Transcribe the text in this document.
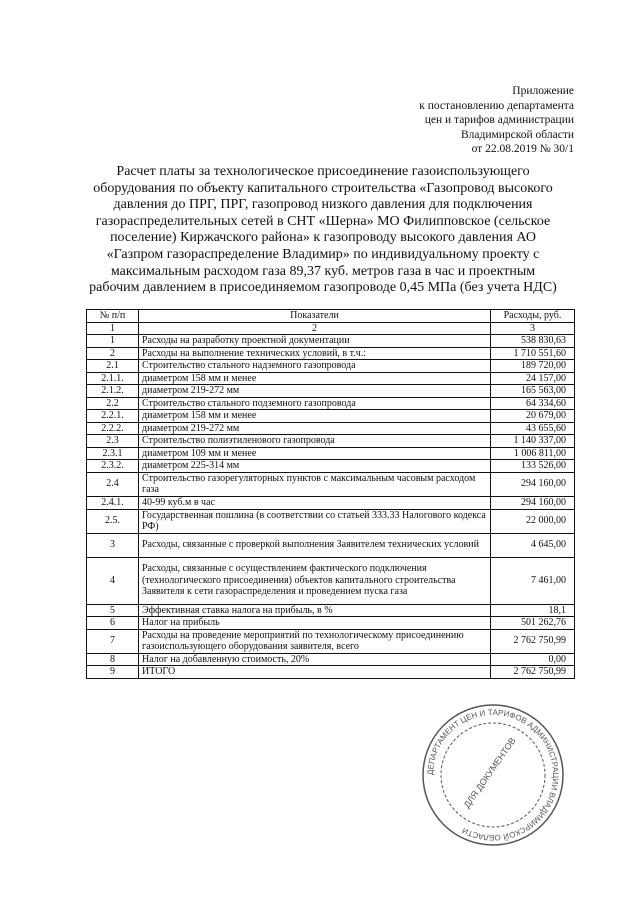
Приложение
к постановлению департамента
цен и тарифов администрации
Владимирской области
от 22.08.2019 № 30/1
Расчет платы за технологическое присоединение газоиспользующего оборудования по объекту капитального строительства «Газопровод высокого давления до ПРГ, ПРГ, газопровод низкого давления для подключения газораспределительных сетей в СНТ «Шерна» МО Филипповское (сельское поселение) Киржачского района» к газопроводу высокого давления АО «Газпром газораспределение Владимир» по индивидуальному проекту с максимальным расходом газа 89,37 куб. метров газа в час и проектным рабочим давлением в присоединяемом газопроводе 0,45 МПа (без учета НДС)
№ п/п	Показатели	Расходы, руб.
1	2	3
1	Расходы на разработку проектной документации	538 830,63
2	Расходы на выполнение технических условий, в т.ч.:	1 710 551,60
2.1	Строительство стального надземного газопровода	189 720,00
2.1.1.	диаметром 158 мм и менее	24 157,00
2.1.2.	диаметром 219-272 мм	165 563,00
2.2	Строительство стального подземного газопровода	64 334,60
2.2.1.	диаметром 158 мм и менее	20 679,00
2.2.2.	диаметром 219-272 мм	43 655,60
2.3	Строительство полиэтиленового газопровода	1 140 337,00
2.3.1	диаметром 109 мм и менее	1 006 811,00
2.3.2.	диаметром 225-314 мм	133 526,00
2.4	Строительство газорегуляторных пунктов с максимальным часовым расходом газа	294 160,00
2.4.1.	40-99 куб.м в час	294 160,00
2.5.	Государственная пошлина (в соответствии со статьей 333.33 Налогового кодекса РФ)	22 000,00
3	Расходы, связанные с проверкой выполнения Заявителем технических условий	4 645,00
4	Расходы, связанные с осуществлением фактического подключения (технологического присоединения) объектов капитального строительства Заявителя к сети газораспределения и проведением пуска газа	7 461,00
5	Эффективная ставка налога на прибыль, в %	18,1
6	Налог на прибыль	501 262,76
7	Расходы на проведение мероприятий по технологическому присоединению газоиспользующего оборудования заявителя, всего	2 762 750,99
8	Налог на добавленную стоимость, 20%	0,00
9	ИТОГО	2 762 750,99
ДЕПАРТАМЕНТ ЦЕН И ТАРИФОВ АДМИНИСТРАЦИИ ВЛАДИМИРСКОЙ ОБЛАСТИ
ДЛЯ ДОКУМЕНТОВ
